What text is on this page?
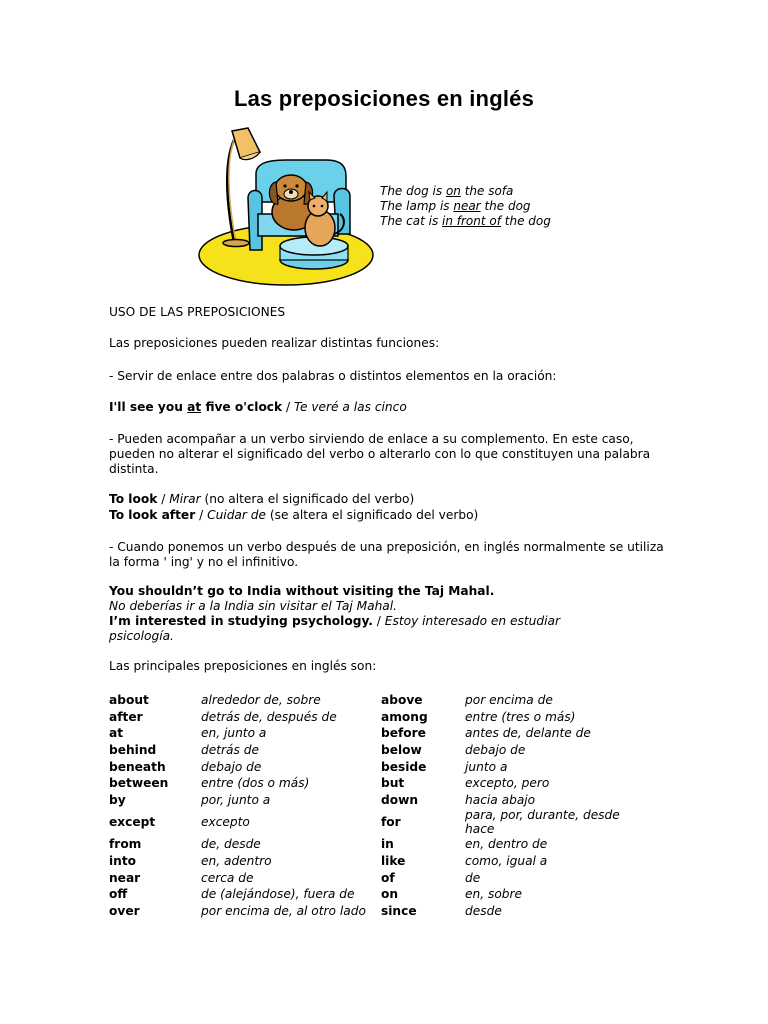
Las preposiciones en inglés
The dog is on the sofa
The lamp is near the dog
The cat is in front of the dog
USO DE LAS PREPOSICIONES
Las preposiciones pueden realizar distintas funciones:
- Servir de enlace entre dos palabras o distintos elementos en la oración:
I'll see you at five o'clock / Te veré a las cinco
- Pueden acompañar a un verbo sirviendo de enlace a su complemento. En este caso, pueden no alterar el significado del verbo o alterarlo con lo que constituyen una palabra distinta.
To look / Mirar (no altera el significado del verbo)
To look after / Cuidar de (se altera el significado del verbo)
- Cuando ponemos un verbo después de una preposición, en inglés normalmente se utiliza la forma ' ing' y no el infinitivo.
You shouldn’t go to India without visiting the Taj Mahal.
No deberías ir a la India sin visitar el Taj Mahal.
I’m interested in studying psychology. / Estoy interesado en estudiar psicología.
Las principales preposiciones en inglés son:
about	alrededor de, sobre	above	por encima de
after	detrás de, después de	among	entre (tres o más)
at	en, junto a	before	antes de, delante de
behind	detrás de	below	debajo de
beneath	debajo de	beside	junto a
between	entre (dos o más)	but	excepto, pero
by	por, junto a	down	hacia abajo
except	excepto	for	para, por, durante, desde hace
from	de, desde	in	en, dentro de
into	en, adentro	like	como, igual a
near	cerca de	of	de
off	de (alejándose), fuera de	on	en, sobre
over	por encima de, al otro lado	since	desde
